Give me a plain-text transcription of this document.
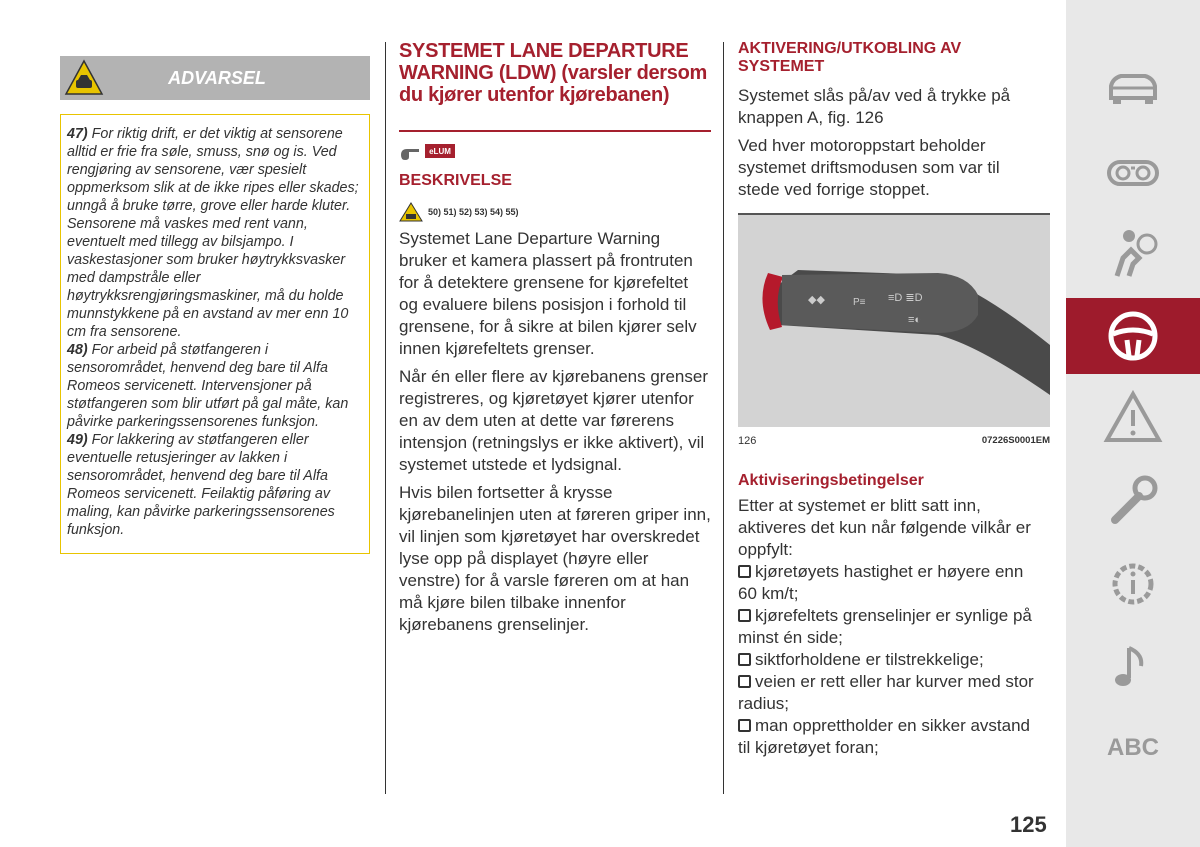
ADVARSEL
47) For riktig drift, er det viktig at sensorene alltid er frie fra søle, smuss, snø og is. Ved rengjøring av sensorene, vær spesielt oppmerksom slik at de ikke ripes eller skades; unngå å bruke tørre, grove eller harde kluter. Sensorene må vaskes med rent vann, eventuelt med tillegg av bilsjampo. I vaskestasjoner som bruker høytrykksvasker med dampstråle eller høytrykksrengjøringsmaskiner, må du holde munnstykkene på en avstand av mer enn 10 cm fra sensorene.
48) For arbeid på støtfangeren i sensorområdet, henvend deg bare til Alfa Romeos servicenett. Intervensjoner på støtfangeren som blir utført på gal måte, kan påvirke parkeringssensorenes funksjon.
49) For lakkering av støtfangeren eller eventuelle retusjeringer av lakken i sensorområdet, henvend deg bare til Alfa Romeos servicenett. Feilaktig påføring av maling, kan påvirke parkeringssensorenes funksjon.
SYSTEMET LANE DEPARTURE WARNING (LDW) (varsler dersom du kjører utenfor kjørebanen)
eLUM
BESKRIVELSE
50) 51) 52) 53) 54) 55)

Systemet Lane Departure Warning bruker et kamera plassert på frontruten for å detektere grensene for kjørefeltet og evaluere bilens posisjon i forhold til grensene, for å sikre at bilen kjører selv innen kjørefeltets grenser.

Når én eller flere av kjørebanens grenser registreres, og kjøretøyet kjører utenfor en av dem uten at dette var førerens intensjon (retningslys er ikke aktivert), vil systemet utstede et lydsignal.

Hvis bilen fortsetter å krysse kjørebanelinjen uten at føreren griper inn, vil linjen som kjøretøyet har overskredet lyse opp på displayet (høyre eller venstre) for å varsle føreren om at han må kjøre bilen tilbake innenfor kjørebanens grenselinjer.

AKTIVERING/UTKOBLING AV SYSTEMET

Systemet slås på/av ved å trykke på knappen A, fig. 126

Ved hver motoroppstart beholder systemet driftsmodusen som var til stede ved forrige stoppet.

◆◆	P≡ ≡D ≣D
≡◐
126	07226S0001EM
Aktiviseringsbetingelser
Etter at systemet er blitt satt inn, aktiveres det kun når følgende vilkår er oppfylt:
kjøretøyets hastighet er høyere enn 60 km/t;
kjørefeltets grenselinjer er synlige på minst én side;
siktforholdene er tilstrekkelige;
veien er rett eller har kurver med stor radius;
man opprettholder en sikker avstand til kjøretøyet foran;
125
ABC
